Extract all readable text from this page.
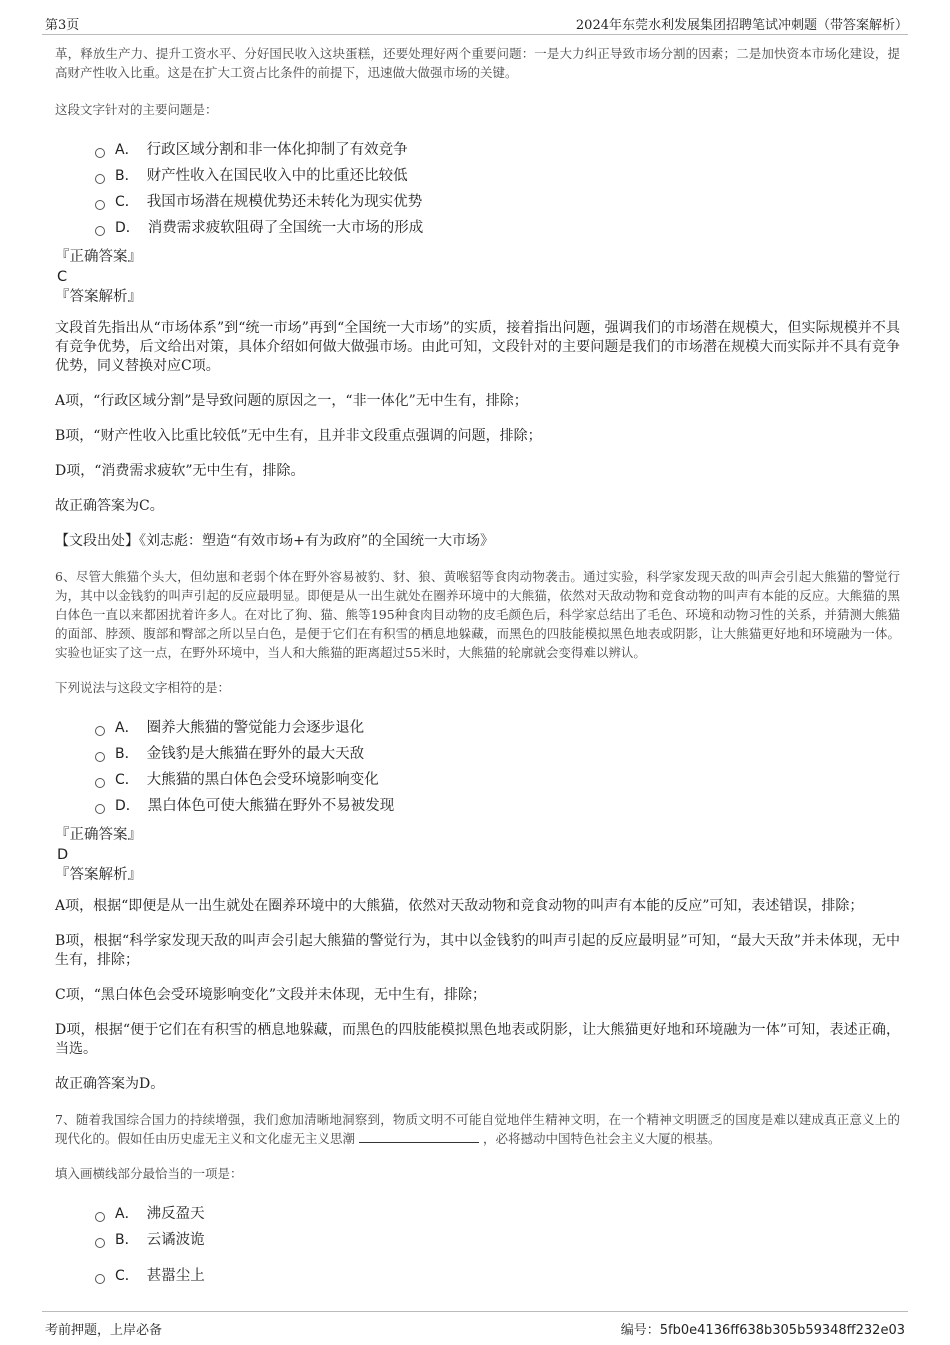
第3页	2024年东莞水利发展集团招聘笔试冲刺题（带答案解析）

革，释放生产力、提升工资水平、分好国民收入这块蛋糕，还要处理好两个重要问题：一是大力纠正导致市场分割的因素；二是加快资本市场化建设，提高财产性收入比重。这是在扩大工资占比条件的前提下，迅速做大做强市场的关键。

这段文字针对的主要问题是：

A． 行政区域分割和非一体化抑制了有效竞争
B． 财产性收入在国民收入中的比重还比较低
C． 我国市场潜在规模优势还未转化为现实优势
D． 消费需求疲软阻碍了全国统一大市场的形成

『正确答案』

C

『答案解析』

文段首先指出从“市场体系”到“统一市场”再到“全国统一大市场”的实质，接着指出问题，强调我们的市场潜在规模大，但实际规模并不具有竞争优势，后文给出对策，具体介绍如何做大做强市场。由此可知，文段针对的主要问题是我们的市场潜在规模大而实际并不具有竞争优势，同义替换对应C项。

A项，“行政区域分割”是导致问题的原因之一，“非一体化”无中生有，排除；

B项，“财产性收入比重比较低”无中生有，且并非文段重点强调的问题，排除；

D项，“消费需求疲软”无中生有，排除。

故正确答案为C。

【文段出处】《刘志彪：塑造“有效市场+有为政府”的全国统一大市场》

6、尽管大熊猫个头大，但幼崽和老弱个体在野外容易被豹、豺、狼、黄喉貂等食肉动物袭击。通过实验，科学家发现天敌的叫声会引起大熊猫的警觉行为，其中以金钱豹的叫声引起的反应最明显。即便是从一出生就处在圈养环境中的大熊猫，依然对天敌动物和竞食动物的叫声有本能的反应。大熊猫的黑白体色一直以来都困扰着许多人。在对比了狗、猫、熊等195种食肉目动物的皮毛颜色后，科学家总结出了毛色、环境和动物习性的关系，并猜测大熊猫的面部、脖颈、腹部和臀部之所以呈白色，是便于它们在有积雪的栖息地躲藏，而黑色的四肢能模拟黑色地表或阴影，让大熊猫更好地和环境融为一体。实验也证实了这一点，在野外环境中，当人和大熊猫的距离超过55米时，大熊猫的轮廓就会变得难以辨认。

下列说法与这段文字相符的是：

A． 圈养大熊猫的警觉能力会逐步退化
B． 金钱豹是大熊猫在野外的最大天敌
C． 大熊猫的黑白体色会受环境影响变化
D． 黑白体色可使大熊猫在野外不易被发现

『正确答案』

D

『答案解析』

A项，根据“即便是从一出生就处在圈养环境中的大熊猫，依然对天敌动物和竞食动物的叫声有本能的反应”可知，表述错误，排除；

B项，根据“科学家发现天敌的叫声会引起大熊猫的警觉行为，其中以金钱豹的叫声引起的反应最明显”可知，“最大天敌”并未体现，无中生有，排除；

C项，“黑白体色会受环境影响变化”文段并未体现，无中生有，排除；

D项，根据“便于它们在有积雪的栖息地躲藏，而黑色的四肢能模拟黑色地表或阴影，让大熊猫更好地和环境融为一体”可知，表述正确，当选。

故正确答案为D。

7、随着我国综合国力的持续增强，我们愈加清晰地洞察到，物质文明不可能自觉地伴生精神文明，在一个精神文明匮乏的国度是难以建成真正意义上的现代化的。假如任由历史虚无主义和文化虚无主义思潮	，必将撼动中国特色社会主义大厦的根基。

填入画横线部分最恰当的一项是：

A． 沸反盈天
B． 云谲波诡
C． 甚嚣尘上
考前押题，上岸必备	编号：5fb0e4136ff638b305b59348ff232e03
